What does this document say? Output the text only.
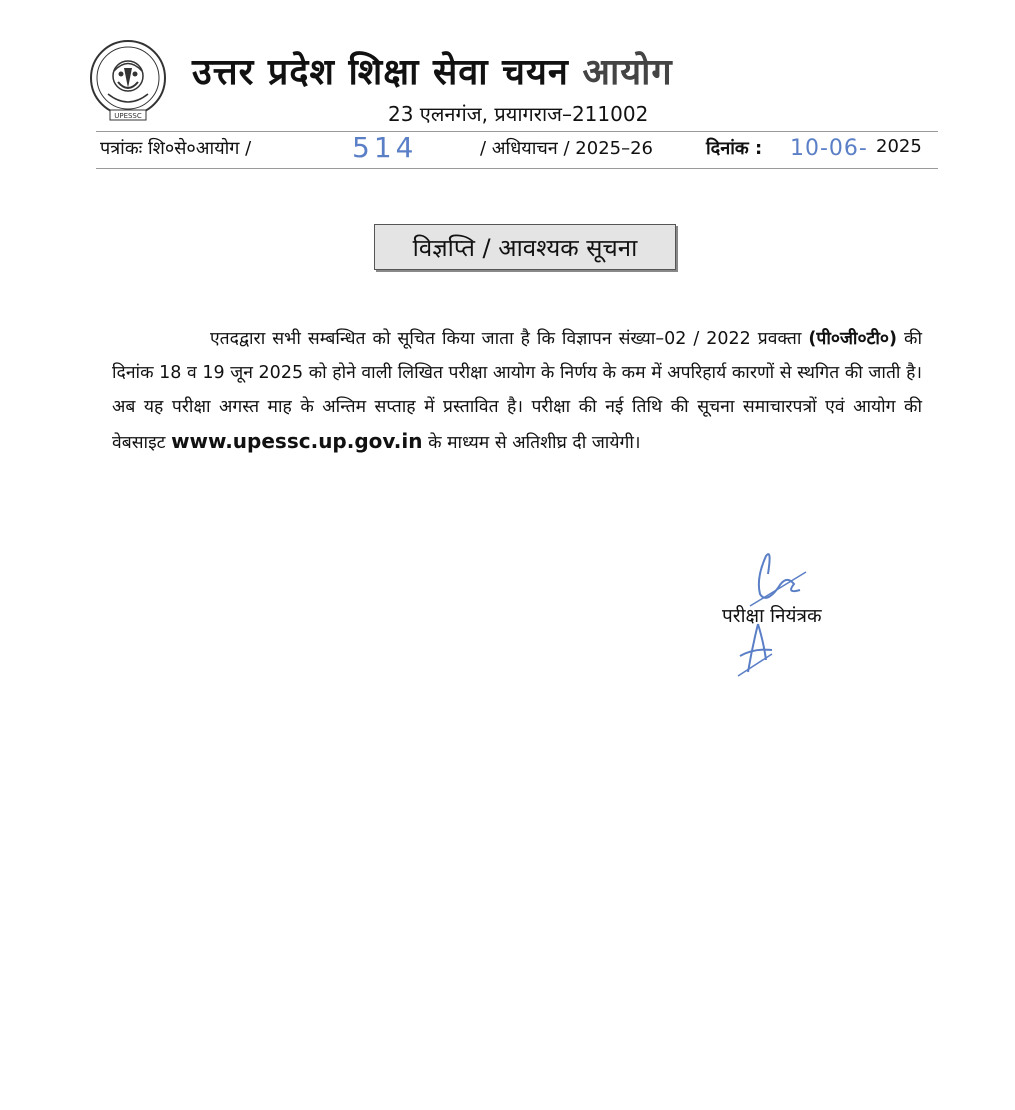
UPESSC
उत्तर प्रदेश शिक्षा सेवा चयन आयोग
23 एलनगंज, प्रयागराज–211002
पत्रांकः शि०से०आयोग /	514	/ अधियाचन / 2025–26	दिनांक : 10-06- 2025
विज्ञप्ति / आवश्यक सूचना
एतदद्वारा सभी सम्बन्धित को सूचित किया जाता है कि विज्ञापन संख्या–02 / 2022 प्रवक्ता (पी०जी०टी०) की दिनांक 18 व 19 जून 2025 को होने वाली लिखित परीक्षा आयोग के निर्णय के कम में अपरिहार्य कारणों से स्थगित की जाती है। अब यह परीक्षा अगस्त माह के अन्तिम सप्ताह में प्रस्तावित है। परीक्षा की नई तिथि की सूचना समाचारपत्रों एवं आयोग की वेबसाइट www.upessc.up.gov.in के माध्यम से अतिशीघ्र दी जायेगी।
परीक्षा नियंत्रक
